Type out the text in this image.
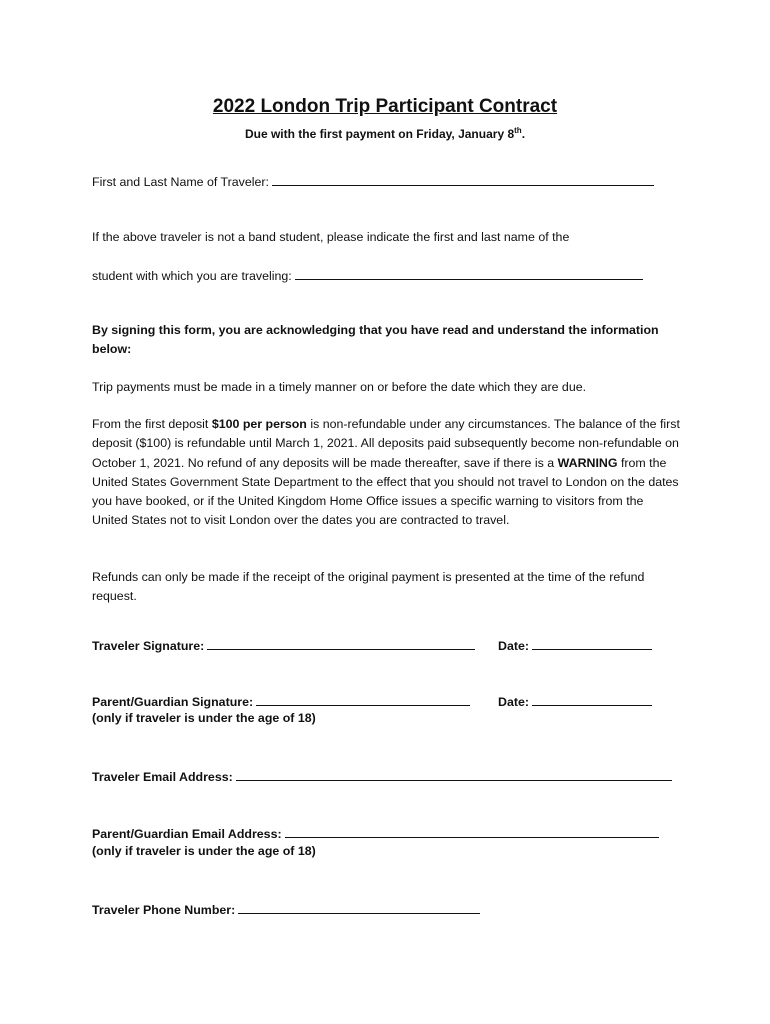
2022 London Trip Participant Contract
Due with the first payment on Friday, January 8th.
First and Last Name of Traveler:
If the above traveler is not a band student, please indicate the first and last name of the
student with which you are traveling:
By signing this form, you are acknowledging that you have read and understand the information below:
Trip payments must be made in a timely manner on or before the date which they are due.
From the first deposit $100 per person is non-refundable under any circumstances. The balance of the first deposit ($100) is refundable until March 1, 2021. All deposits paid subsequently become non-refundable on October 1, 2021. No refund of any deposits will be made thereafter, save if there is a WARNING from the United States Government State Department to the effect that you should not travel to London on the dates you have booked, or if the United Kingdom Home Office issues a specific warning to visitors from the United States not to visit London over the dates you are contracted to travel.
Refunds can only be made if the receipt of the original payment is presented at the time of the refund request.
Traveler Signature:	Date:
Parent/Guardian Signature:	Date:
(only if traveler is under the age of 18)
Traveler Email Address:
Parent/Guardian Email Address:
(only if traveler is under the age of 18)
Traveler Phone Number:
